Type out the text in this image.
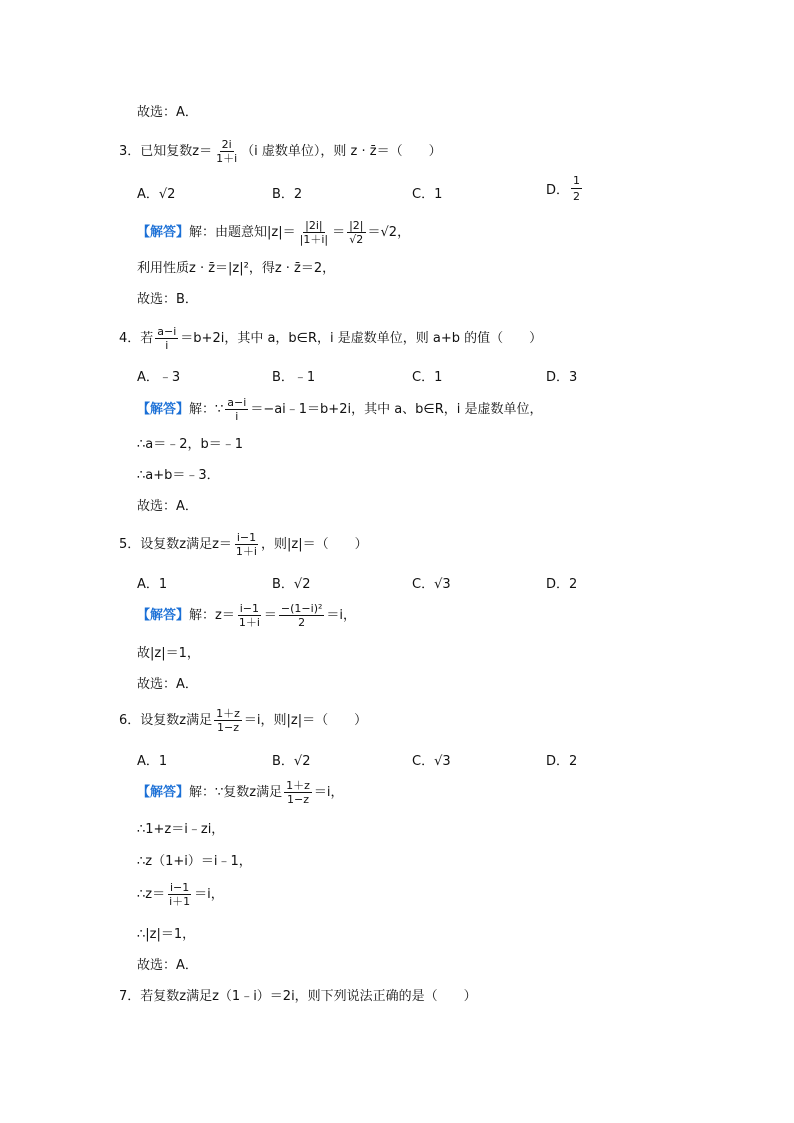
故选：A．
3．已知复数$z= \frac{2i}{1+i} (i$ 虚数单位），则 z · z̄＝（　　）
A．√2	B．2	C．1	D． $\frac{1}{2}$
【解答】 解：由题意知$|z|= \frac{|2i|}{|1+i|} = \frac{|2|}{√2} =√2$，
利用性质z · z̄＝|z|²，得z · z̄＝2，
故选：B．
4．若 $\frac{a-i}{i} =b+2i$，其中 a，b∈R，i 是虚数单位，则 a+b 的值（　　）
A．﹣3	B．﹣1	C．1	D．3
【解答】 解：∵ $\frac{a-i}{i}$ ＝−ai﹣1＝b+2i，其中 a、b∈R，i 是虚数单位，
∴a＝﹣2，b＝﹣1
∴a+b＝﹣3．
故选：A．
5．设复数z满足$z= \frac{i-1}{1+i}$ ，则|z|＝（　　）
A．1	B．√2	C．√3	D．2
【解答】 解：$z= \frac{i-1}{1+i} = \frac{\text{−(1−i)²}}{2} =i$，
故|z|＝1，
故选：A．
6．设复数z满足 $\frac{1+z}{1-z} =i$，则|z|＝（　　）
A．1	B．√2	C．√3	D．2
【解答】 解：∵复数z满足 $\frac{1+z}{1-z} =i$，
∴1+z＝i﹣zi，
∴z（1+i）＝i﹣1，
∴z＝ $\frac{i-1}{i+1} =i$，
∴|z|＝1，
故选：A．
7．若复数z满足z（1﹣i）＝2i，则下列说法正确的是（　　）
